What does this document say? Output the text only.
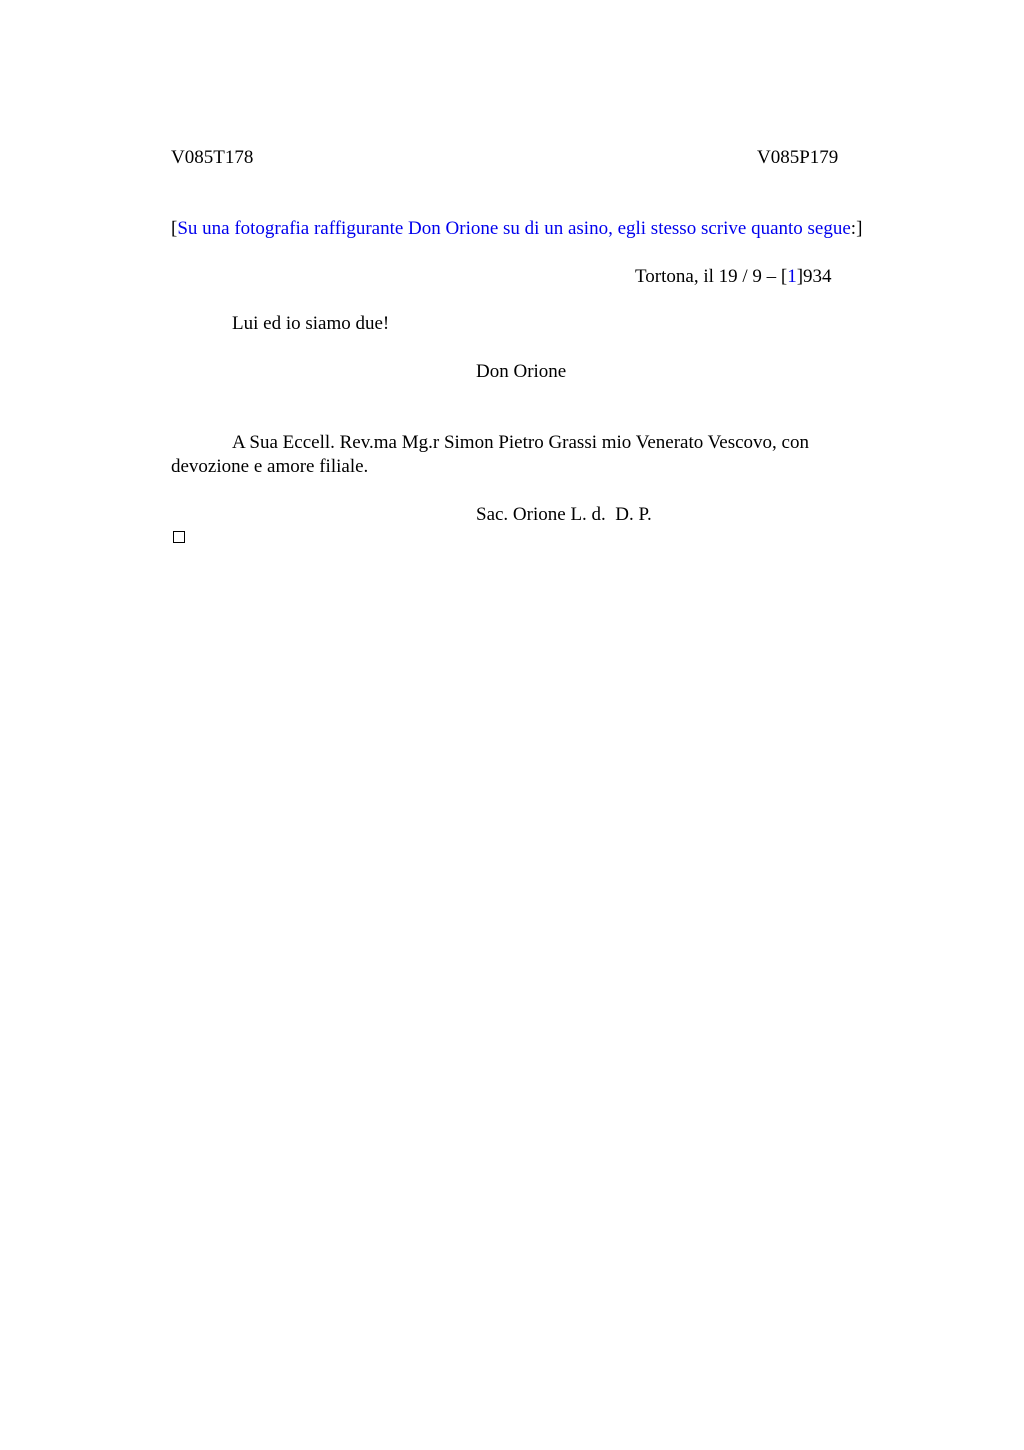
V085T178	V085P179
[Su una fotografia raffigurante Don Orione su di un asino, egli stesso scrive quanto segue:]
Tortona, il 19 / 9 – [1]934
Lui ed io siamo due!
Don Orione
A Sua Eccell. Rev.ma Mg.r Simon Pietro Grassi mio Venerato Vescovo, con devozione e amore filiale.
Sac. Orione L. d.  D. P.
